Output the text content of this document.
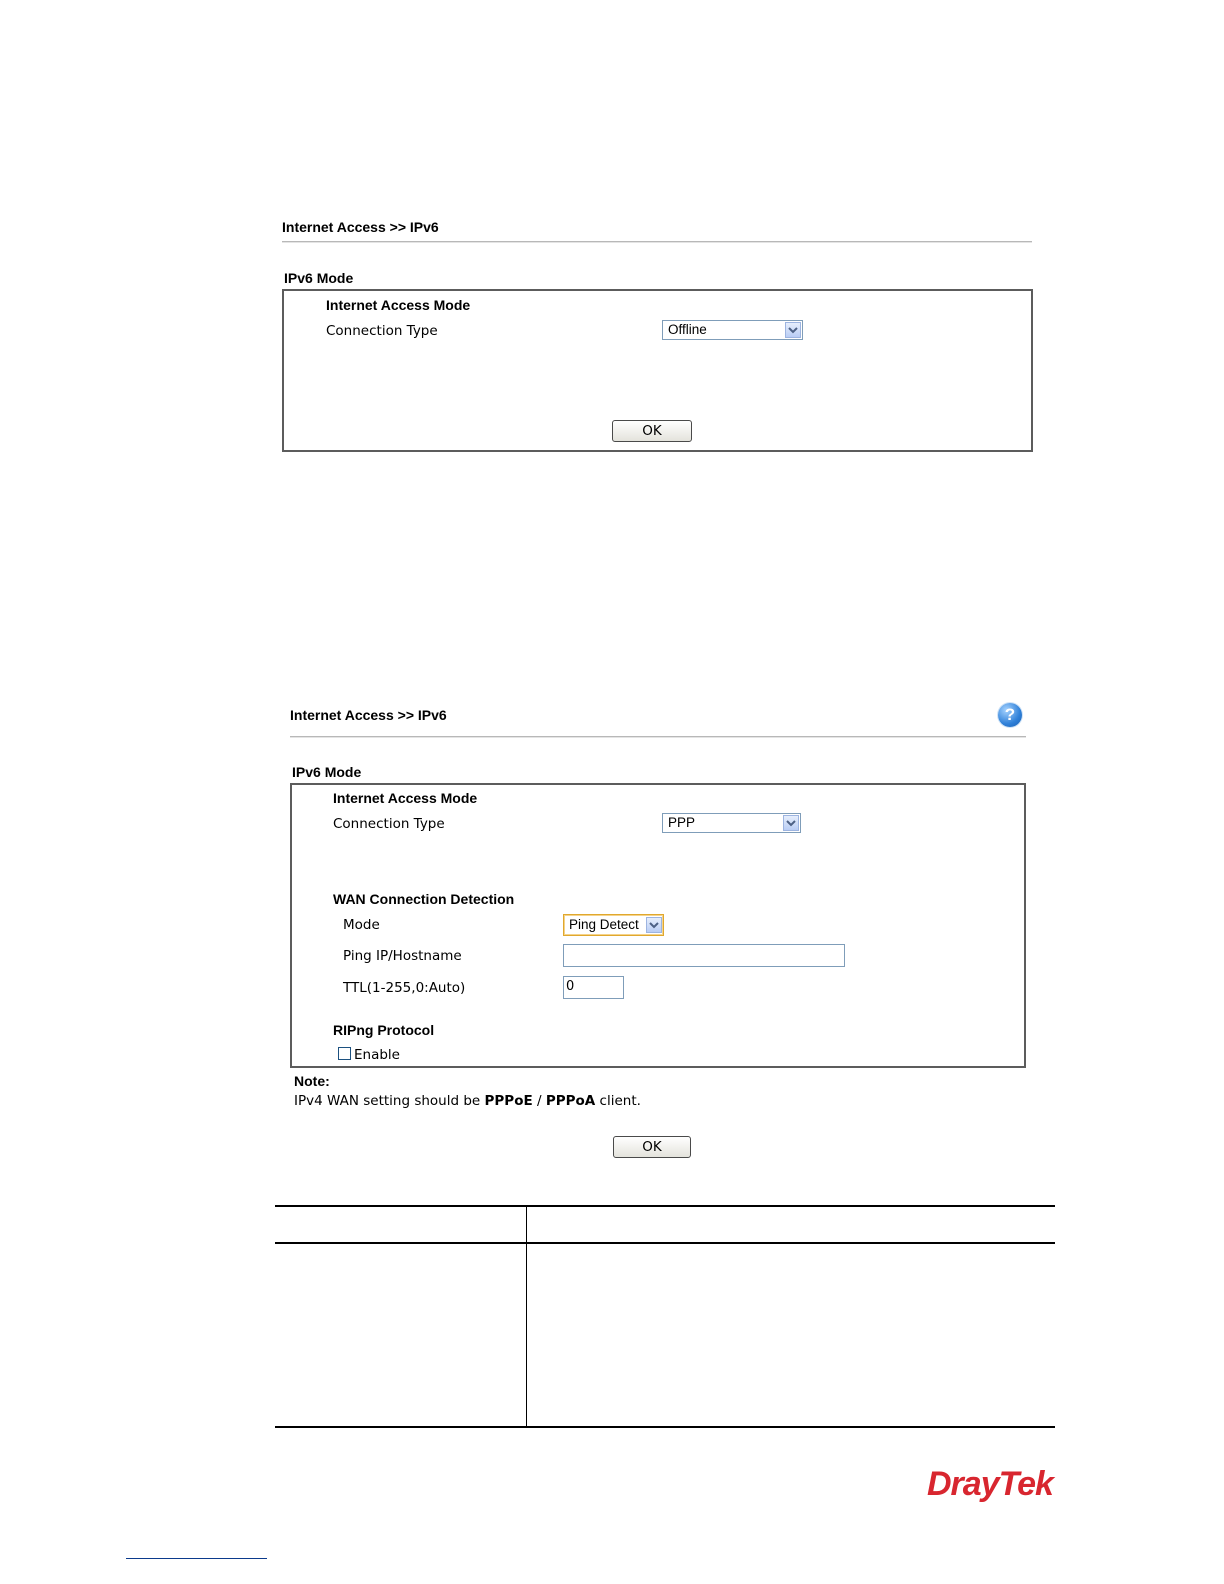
Internet Access >> IPv6
IPv6 Mode
Internet Access Mode
Connection Type	Offline
OK
Internet Access >> IPv6	?
IPv6 Mode
Internet Access Mode
Connection Type	PPP
WAN Connection Detection
Mode	Ping Detect
Ping IP/Hostname
TTL(1-255,0:Auto)	0
RIPng Protocol
Enable
Note:
IPv4 WAN setting should be PPPoE / PPPoA client.
OK
DrayTek
